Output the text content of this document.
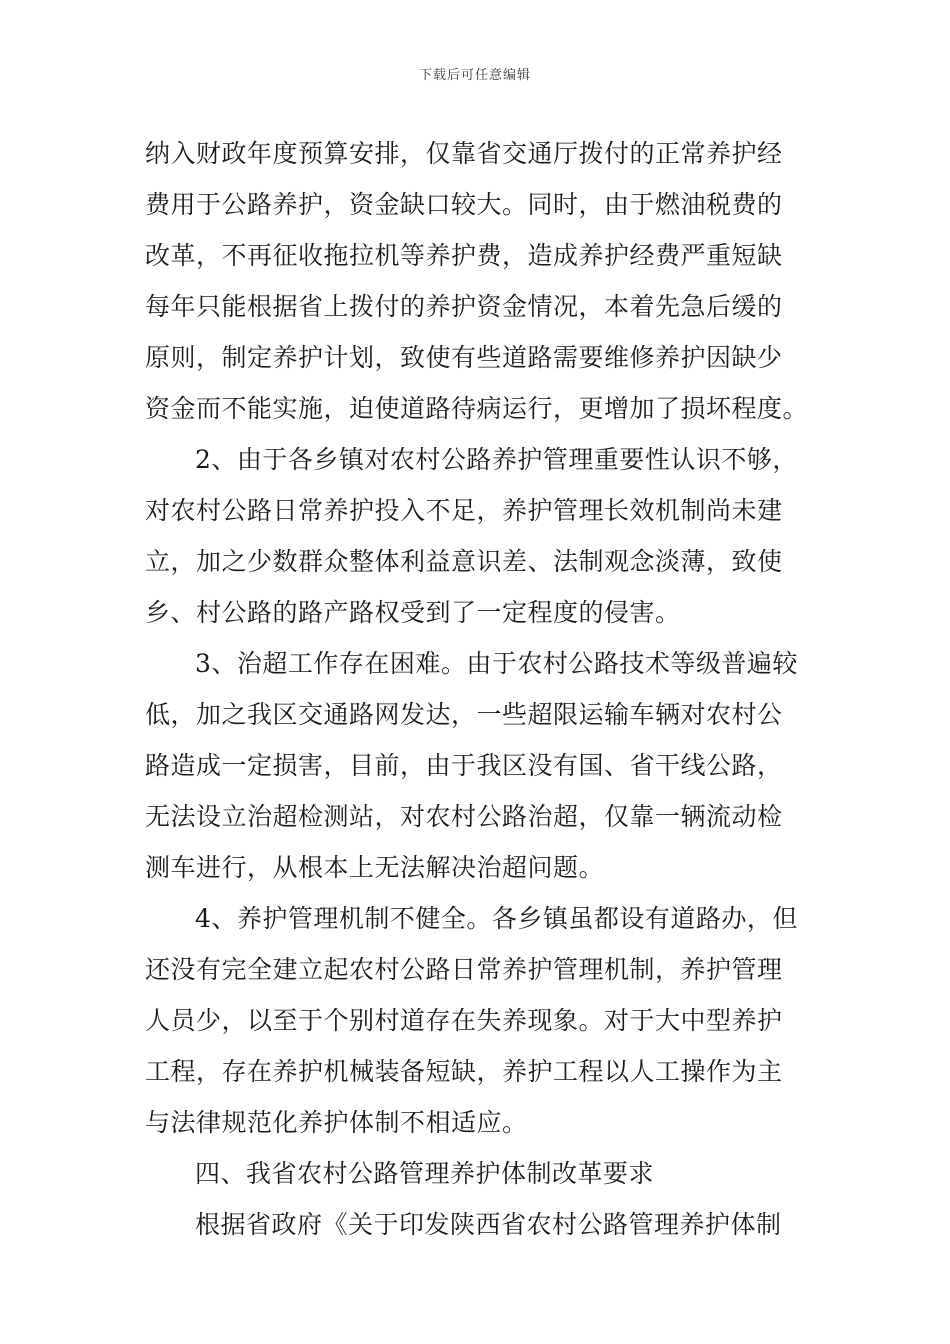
下载后可任意编辑
纳入财政年度预算安排，仅靠省交通厅拨付的正常养护经
费用于公路养护，资金缺口较大。同时，由于燃油税费的
改革，不再征收拖拉机等养护费，造成养护经费严重短缺
每年只能根据省上拨付的养护资金情况，本着先急后缓的
原则，制定养护计划，致使有些道路需要维修养护因缺少
资金而不能实施，迫使道路待病运行，更增加了损坏程度。
2、由于各乡镇对农村公路养护管理重要性认识不够，
对农村公路日常养护投入不足，养护管理长效机制尚未建
立，加之少数群众整体利益意识差、法制观念淡薄，致使
乡、村公路的路产路权受到了一定程度的侵害。
3、治超工作存在困难。由于农村公路技术等级普遍较
低，加之我区交通路网发达，一些超限运输车辆对农村公
路造成一定损害，目前，由于我区没有国、省干线公路，
无法设立治超检测站，对农村公路治超，仅靠一辆流动检
测车进行，从根本上无法解决治超问题。
4、养护管理机制不健全。各乡镇虽都设有道路办，但
还没有完全建立起农村公路日常养护管理机制，养护管理
人员少，以至于个别村道存在失养现象。对于大中型养护
工程，存在养护机械装备短缺，养护工程以人工操作为主
与法律规范化养护体制不相适应。
四、我省农村公路管理养护体制改革要求
根据省政府《关于印发陕西省农村公路管理养护体制
